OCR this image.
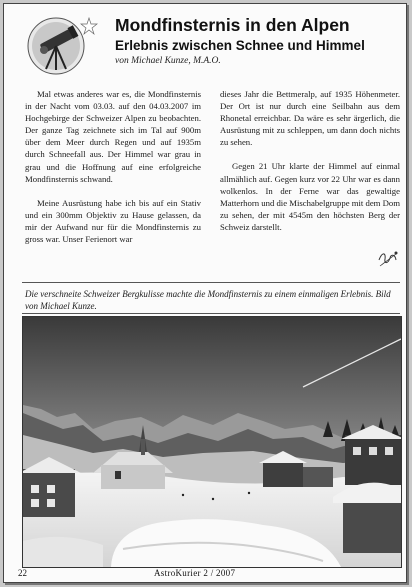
Mondfinsternis in den Alpen
Erlebnis zwischen Schnee und Himmel
von Michael Kunze, M.A.O.

Mal etwas anderes war es, die Mondfinsternis in der Nacht vom 03.03. auf den 04.03.2007 im Hochgebirge der Schweizer Alpen zu beobachten. Der ganze Tag zeichnete sich im Tal auf 900m über dem Meer durch Regen und auf 1935m durch Schneefall aus. Der Himmel war grau in grau und die Hoffnung auf eine erfolgreiche Mondfinsternis schwand.

Meine Ausrüstung habe ich bis auf ein Stativ und ein 300mm Objektiv zu Hause gelassen, da mir der Aufwand nur für die Mondfinsternis zu gross war. Unser Ferienort war

dieses Jahr die Bettmeralp, auf 1935 Höhenmeter. Der Ort ist nur durch eine Seilbahn aus dem Rhonetal erreichbar. Da wäre es sehr ärgerlich, die Ausrüstung mit zu schleppen, um dann doch nichts zu sehen.

Gegen 21 Uhr klarte der Himmel auf einmal allmählich auf. Gegen kurz vor 22 Uhr war es dann wolkenlos. In der Ferne war das gewaltige Matterhorn und die Mischabelgruppe mit dem Dom zu sehen, der mit 4545m den höchsten Berg der Schweiz darstellt.

Die verschneite Schweizer Bergkulisse machte die Mondfinsternis zu einem einmaligen Erlebnis. Bild von Michael Kunze.
22	AstroKurier 2 / 2007
